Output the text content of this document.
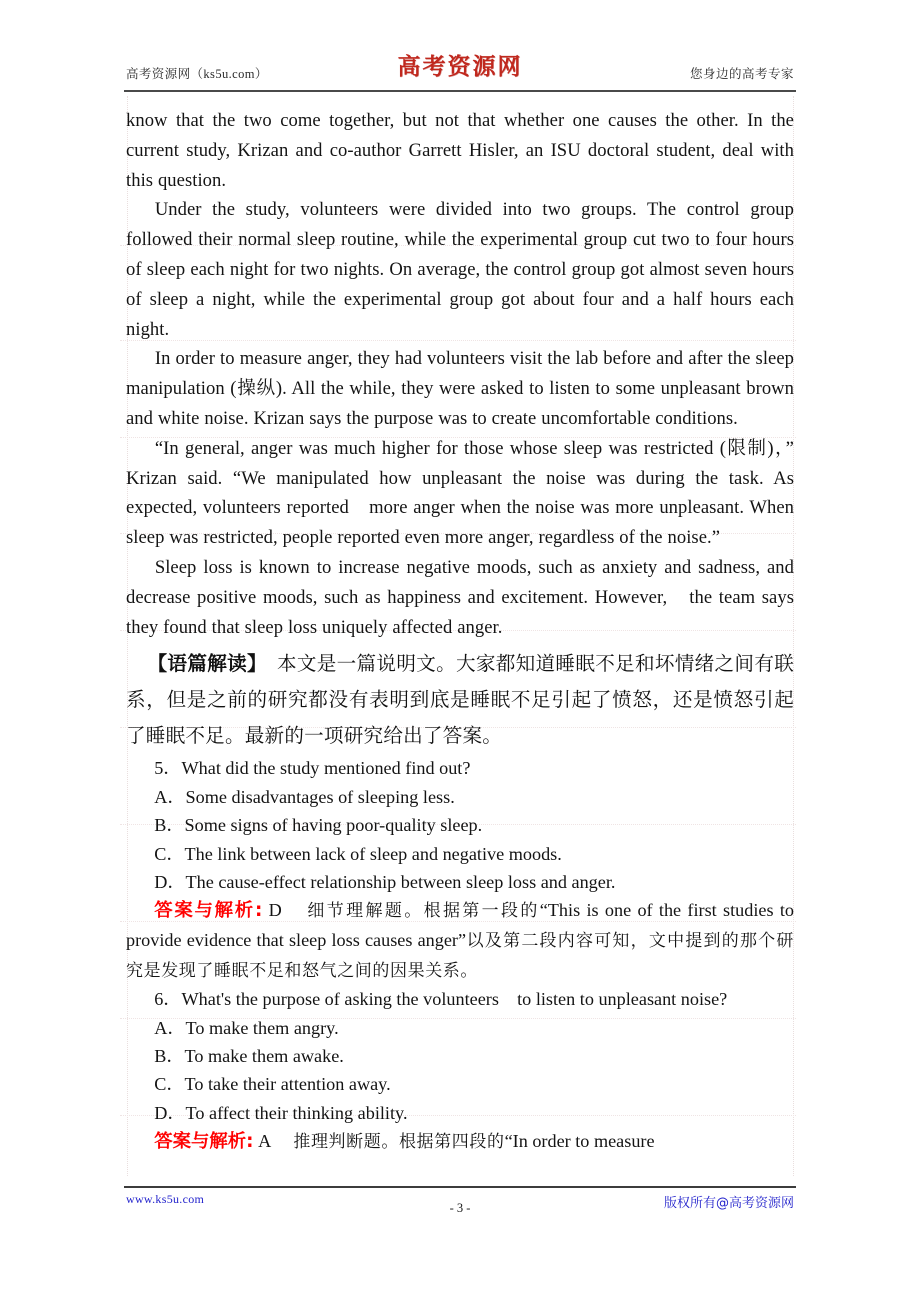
高考资源网（ks5u.com）	高考资源网	您身边的高考专家

know that the two come together, but not that whether one causes the other. In the current study, Krizan and co-author Garrett Hisler, an ISU doctoral student, deal with this question.

Under the study, volunteers were divided into two groups. The control group followed their normal sleep routine, while the experimental group cut two to four hours of sleep each night for two nights. On average, the control group got almost seven hours of sleep a night, while the experimental group got about four and a half hours each night.

In order to measure anger, they had volunteers visit the lab before and after the sleep manipulation (操纵). All the while, they were asked to listen to some unpleasant brown and white noise. Krizan says the purpose was to create uncomfortable conditions.

“In general, anger was much higher for those whose sleep was restricted (限制)，” Krizan said. “We manipulated how unpleasant the noise was during the task. As expected, volunteers reported　more anger when the noise was more unpleasant. When sleep was restricted, people reported even more anger, regardless of the noise.”

Sleep loss is known to increase negative moods, such as anxiety and sadness, and decrease positive moods, such as happiness and excitement. However,　the team says they found that sleep loss uniquely affected anger.

【语篇解读】　本文是一篇说明文。大家都知道睡眠不足和坏情绪之间有联系，但是之前的研究都没有表明到底是睡眠不足引起了愤怒，还是愤怒引起了睡眠不足。最新的一项研究给出了答案。

5．What did the study mentioned find out?

A．Some disadvantages of sleeping less.

B．Some signs of having poor-quality sleep.

C．The link between lack of sleep and negative moods.

D．The cause-effect relationship between sleep loss and anger.

答案与解析: D 　细节理解题。根据第一段的“This is one of the first studies to provide evidence that sleep loss causes anger”以及第二段内容可知，文中提到的那个研究是发现了睡眠不足和怒气之间的因果关系。

6．What's the purpose of asking the volunteers　to listen to unpleasant noise?

A．To make them angry.

B．To make them awake.

C．To take their attention away.

D．To affect their thinking ability.

答案与解析: A 　推理判断题。根据第四段的“In order to measure

www.ks5u.com
- 3 -	版权所有@高考资源网
